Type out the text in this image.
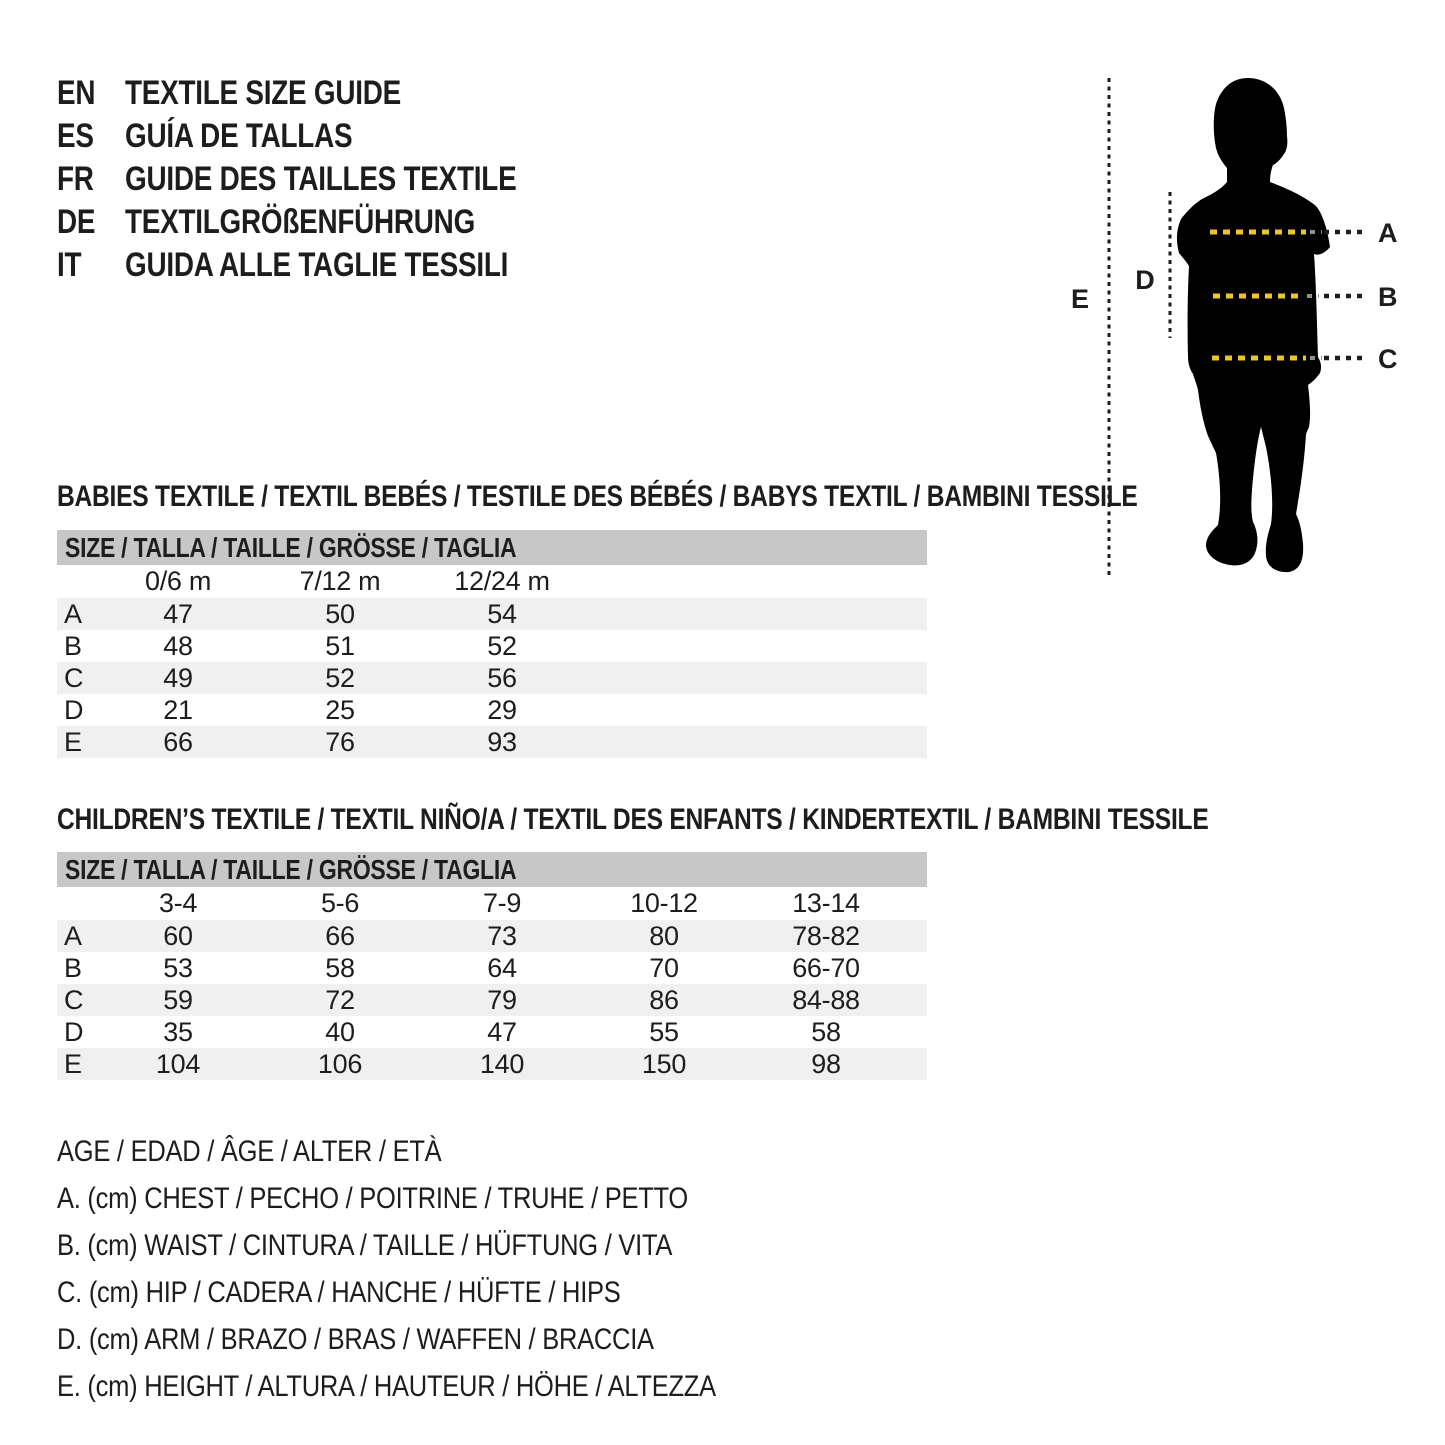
EN TEXTILE SIZE GUIDE
ES GUÍA DE TALLAS
FR GUIDE DES TAILLES TEXTILE
DE TEXTILGRÖßENFÜHRUNG
IT	GUIDA ALLE TAGLIE TESSILI
A
B
C
D
E
BABIES TEXTILE / TEXTIL BEBÉS / TESTILE DES BÉBÉS / BABYS TEXTIL / BAMBINI TESSILE
SIZE / TALLA / TAILLE / GRÖSSE / TAGLIA
	0/6 m	7/12 m	12/24 m	
A	47	50	54	
B	48	51	52	
C	49	52	56	
D	21	25	29	
E	66	76	93	
CHILDREN’S TEXTILE / TEXTIL NIÑO/A / TEXTIL DES ENFANTS / KINDERTEXTIL / BAMBINI TESSILE
SIZE / TALLA / TAILLE / GRÖSSE / TAGLIA
	3-4	5-6	7-9	10-12	13-14	
A	60	66	73	80	78-82	
B	53	58	64	70	66-70	
C	59	72	79	86	84-88	
D	35	40	47	55	58	
E	104	106	140	150	98	
AGE / EDAD / ÂGE / ALTER / ETÀ
A. (cm) CHEST / PECHO / POITRINE / TRUHE / PETTO
B. (cm) WAIST / CINTURA / TAILLE / HÜFTUNG / VITA
C. (cm) HIP / CADERA / HANCHE / HÜFTE / HIPS
D. (cm) ARM / BRAZO / BRAS / WAFFEN / BRACCIA
E. (cm) HEIGHT / ALTURA / HAUTEUR / HÖHE / ALTEZZA
